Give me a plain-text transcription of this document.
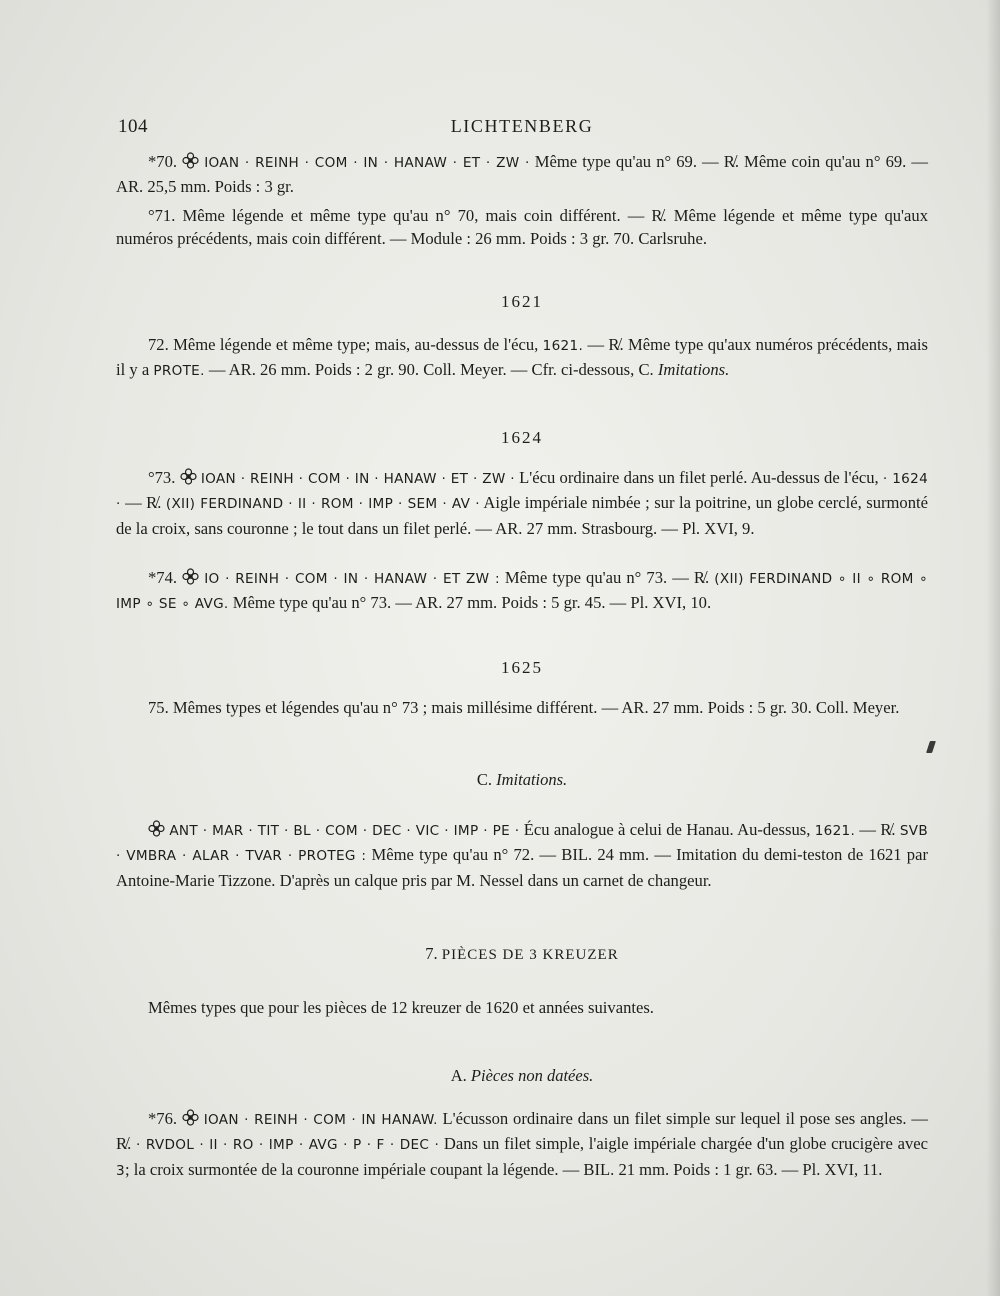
104	LICHTENBERG
*70. IOAN · REINH · COM · IN · HANAW · ET · ZW · Même type qu'au n° 69. — R̸. Même coin qu'au n° 69. — AR. 25,5 mm. Poids : 3 gr.
°71. Même légende et même type qu'au n° 70, mais coin différent. — R̸. Même légende et même type qu'aux numéros précédents, mais coin différent. — Module : 26 mm. Poids : 3 gr. 70. Carlsruhe.
1621
72. Même légende et même type; mais, au-dessus de l'écu, 1621. — R̸. Même type qu'aux numéros précédents, mais il y a PROTE. — AR. 26 mm. Poids : 2 gr. 90. Coll. Meyer. — Cfr. ci-dessous, C. Imitations.
1624
°73. IOAN · REINH · COM · IN · HANAW · ET · ZW · L'écu ordinaire dans un filet perlé. Au-dessus de l'écu, · 1624 · — R̸. (XII) FERDINAND · II · ROM · IMP · SEM · AV · Aigle impériale nimbée ; sur la poitrine, un globe cerclé, surmonté de la croix, sans couronne ; le tout dans un filet perlé. — AR. 27 mm. Strasbourg. — Pl. XVI, 9.
*74. IO · REINH · COM · IN · HANAW · ET ZW : Même type qu'au n° 73. — R̸. (XII) FERDINAND ∘ II ∘ ROM ∘ IMP ∘ SE ∘ AVG. Même type qu'au n° 73. — AR. 27 mm. Poids : 5 gr. 45. — Pl. XVI, 10.
1625
75. Mêmes types et légendes qu'au n° 73 ; mais millésime différent. — AR. 27 mm. Poids : 5 gr. 30. Coll. Meyer.
C. Imitations.
ANT · MAR · TIT · BL · COM · DEC · VIC · IMP · PE · Écu analogue à celui de Hanau. Au-dessus, 1621. — R̸. SVB · VMBRA · ALAR · TVAR · PROTEG : Même type qu'au n° 72. — BIL. 24 mm. — Imitation du demi-teston de 1621 par Antoine-Marie Tizzone. D'après un calque pris par M. Nessel dans un carnet de changeur.
7. PIÈCES DE 3 KREUZER
Mêmes types que pour les pièces de 12 kreuzer de 1620 et années suivantes.
A. Pièces non datées.
*76. IOAN · REINH · COM · IN HANAW. L'écusson ordinaire dans un filet simple sur lequel il pose ses angles. — R̸. · RVDOL · II · RO · IMP · AVG · P · F · DEC · Dans un filet simple, l'aigle impériale chargée d'un globe crucigère avec 3; la croix surmontée de la couronne impériale coupant la légende. — BIL. 21 mm. Poids : 1 gr. 63. — Pl. XVI, 11.
